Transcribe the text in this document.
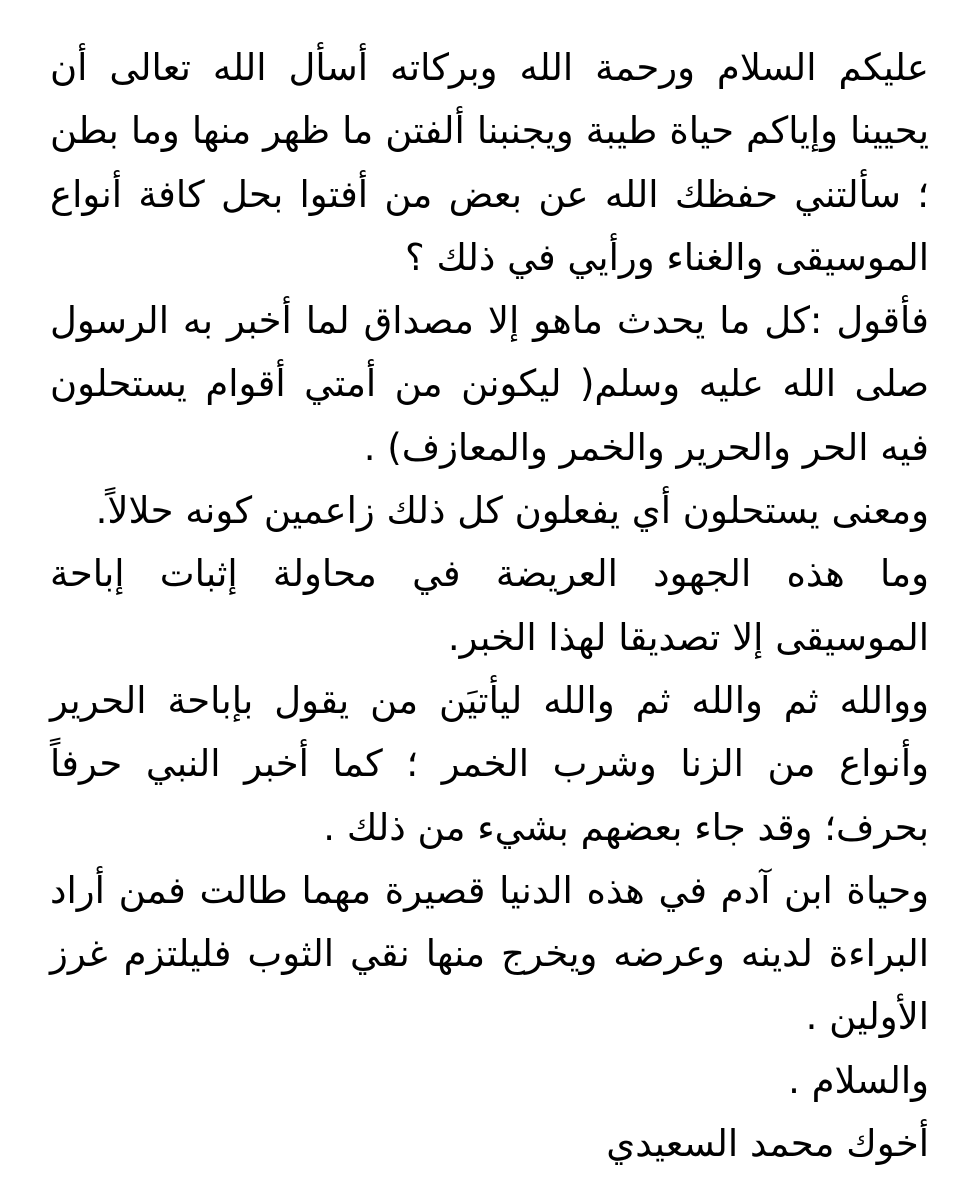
عليكم السلام ورحمة الله وبركاته أسأل الله تعالى أن يحيينا وإياكم حياة طيبة ويجنبنا ألفتن ما ظهر منها وما بطن ؛ سألتني حفظك الله عن بعض من أفتوا بحل كافة أنواع الموسيقى والغناء ورأيي في ذلك ؟

فأقول :كل ما يحدث ماهو إلا مصداق لما أخبر به الرسول صلى الله عليه وسلم( ليكونن من أمتي أقوام يستحلون فيه الحر والحرير والخمر والمعازف) .

ومعنى يستحلون أي يفعلون كل ذلك زاعمين كونه حلالاً.

وما هذه الجهود العريضة في محاولة إثبات إباحة الموسيقى إلا تصديقا لهذا الخبر.

ووالله ثم والله ثم والله ليأتيَن من يقول بإباحة الحرير وأنواع من الزنا وشرب الخمر ؛ كما أخبر النبي حرفاً بحرف؛ وقد جاء بعضهم بشيء من ذلك .

وحياة ابن آدم في هذه الدنيا قصيرة مهما طالت فمن أراد البراءة لدينه وعرضه ويخرج منها نقي الثوب فليلتزم غرز الأولين .

والسلام .

أخوك محمد السعيدي
